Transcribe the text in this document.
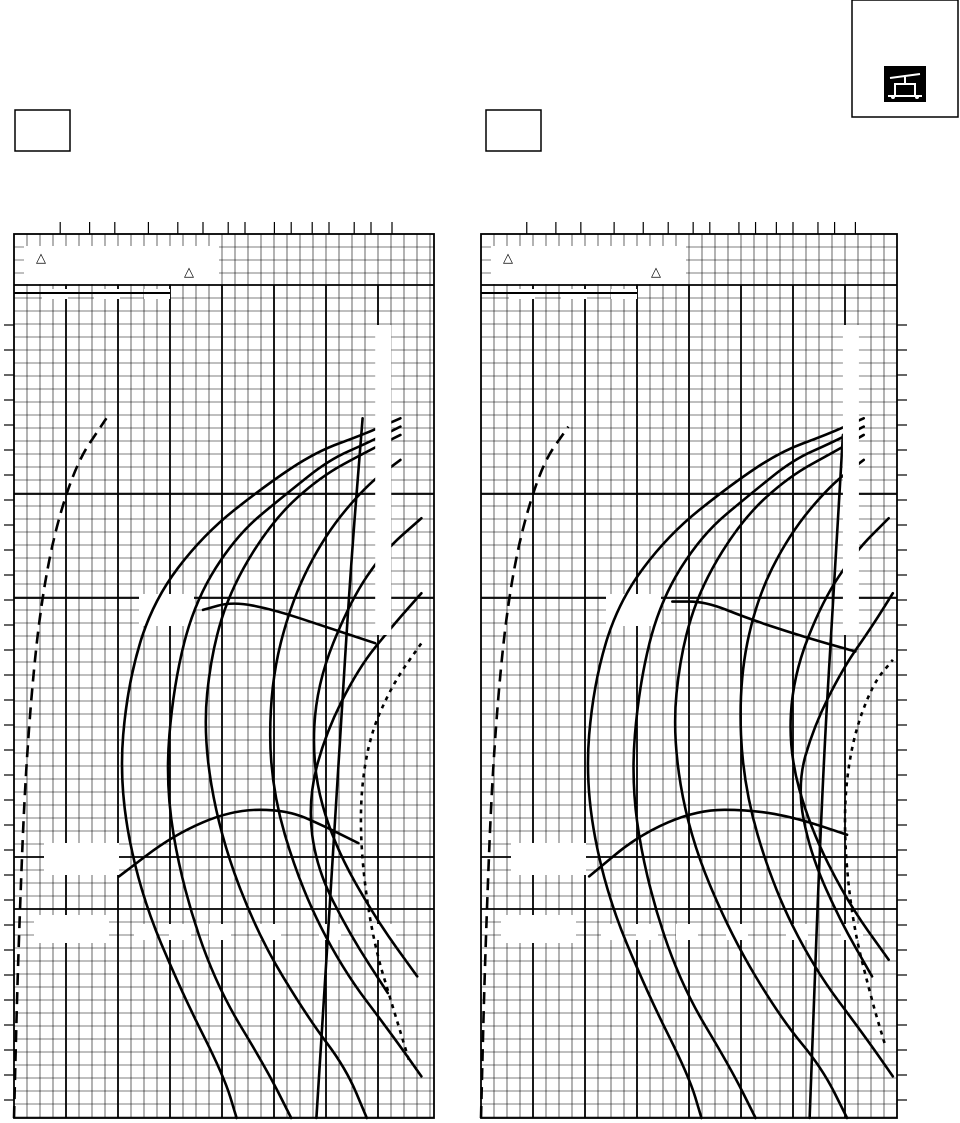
△
△
△
△
